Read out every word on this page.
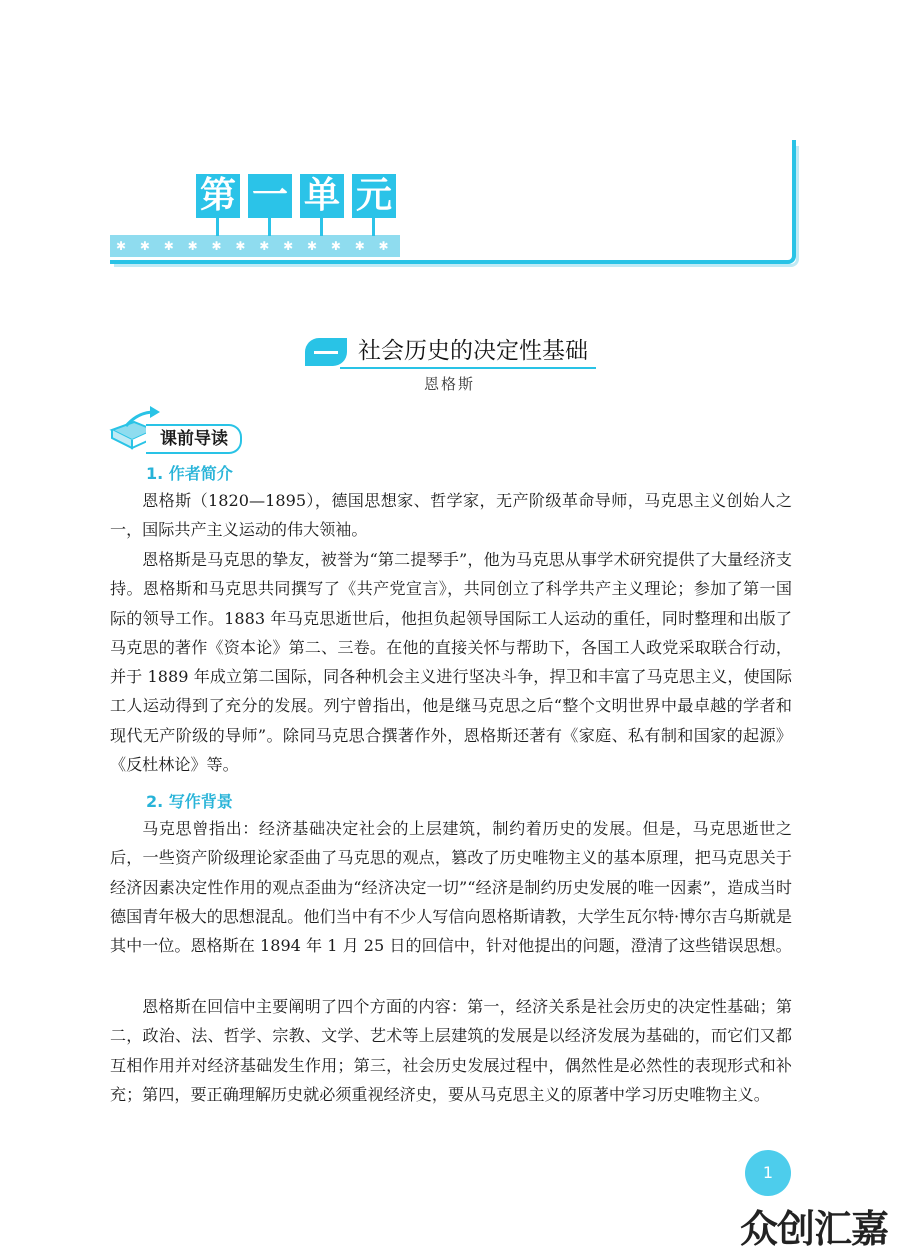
✱ ✱ ✱ ✱ ✱ ✱ ✱ ✱ ✱ ✱ ✱ ✱ ✱ ✱ ✱ ✱
第 一 单 元
社会历史的决定性基础
恩格斯
课前导读
1. 作者简介

恩格斯（1820—1895），德国思想家、哲学家，无产阶级革命导师，马克思主义创始人之一，国际共产主义运动的伟大领袖。

恩格斯是马克思的挚友，被誉为“第二提琴手”，他为马克思从事学术研究提供了大量经济支持。恩格斯和马克思共同撰写了《共产党宣言》，共同创立了科学共产主义理论；参加了第一国际的领导工作。1883 年马克思逝世后，他担负起领导国际工人运动的重任，同时整理和出版了马克思的著作《资本论》第二、三卷。在他的直接关怀与帮助下，各国工人政党采取联合行动，并于 1889 年成立第二国际，同各种机会主义进行坚决斗争，捍卫和丰富了马克思主义，使国际工人运动得到了充分的发展。列宁曾指出，他是继马克思之后“整个文明世界中最卓越的学者和现代无产阶级的导师”。除同马克思合撰著作外，恩格斯还著有《家庭、私有制和国家的起源》《反杜林论》等。

2. 写作背景

马克思曾指出：经济基础决定社会的上层建筑，制约着历史的发展。但是，马克思逝世之后，一些资产阶级理论家歪曲了马克思的观点，篡改了历史唯物主义的基本原理，把马克思关于经济因素决定性作用的观点歪曲为“经济决定一切”“经济是制约历史发展的唯一因素”，造成当时德国青年极大的思想混乱。他们当中有不少人写信向恩格斯请教，大学生瓦尔特·博尔吉乌斯就是其中一位。恩格斯在 1894 年 1 月 25 日的回信中，针对他提出的问题，澄清了这些错误思想。

恩格斯在回信中主要阐明了四个方面的内容：第一，经济关系是社会历史的决定性基础；第二，政治、法、哲学、宗教、文学、艺术等上层建筑的发展是以经济发展为基础的，而它们又都互相作用并对经济基础发生作用；第三，社会历史发展过程中，偶然性是必然性的表现形式和补充；第四，要正确理解历史就必须重视经济史，要从马克思主义的原著中学习历史唯物主义。

1
众创汇嘉
